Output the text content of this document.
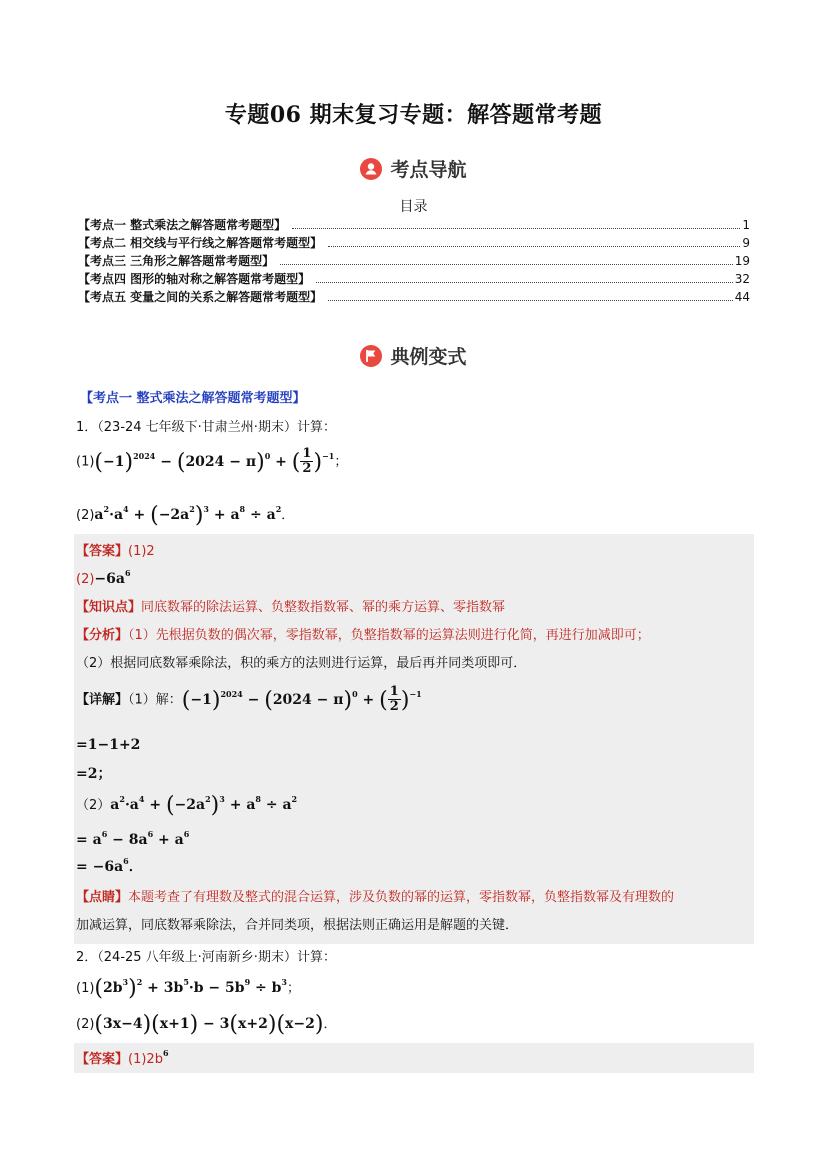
专题06 期末复习专题：解答题常考题
考点导航
目录
【考点一 整式乘法之解答题常考题型】	1
【考点二 相交线与平行线之解答题常考题型】	9
【考点三 三角形之解答题常考题型】	19
【考点四 图形的轴对称之解答题常考题型】	32
【考点五 变量之间的关系之解答题常考题型】	44
典例变式
【考点一 整式乘法之解答题常考题型】
1．（23-24 七年级下·甘肃兰州·期末）计算：
$(1)(-1)^{2024} - (2024 - \pi)^0$ + ( $\frac{1}{2} )^{-1}$；
$(2)a^2\cdot a^4 + (-2a^2)^3 + a^8 \div a^2$．
【答案】(1)2
$(2)-6a^6$
【知识点】同底数幂的除法运算、负整数指数幂、幂的乘方运算、零指数幂
【分析】（1）先根据负数的偶次幂，零指数幂，负整指数幂的运算法则进行化简，再进行加减即可；
（2）根据同底数幂乘除法，积的乘方的法则进行运算，最后再并同类项即可．
【详解】（1）解：$(-1)^{2024} - (2024 - \pi)^0$ + ( $\frac{1}{2} )^{-1}$
=1−1+2
=2；
$(2)a^2\cdot a^4 + (-2a^2)^3 + a^8 \div a^2$
= $a^6 - 8a^6 + a^6$
= $-6a^6$．
【点睛】本题考查了有理数及整式的混合运算，涉及负数的幂的运算，零指数幂，负整指数幂及有理数的
加减运算，同底数幂乘除法，合并同类项，根据法则正确运用是解题的关键．
2．（24-25 八年级上·河南新乡·期末）计算：
$(1)(2b^3)^2 + 3b^5\cdot b - 5b^9 \div b^3$；
(2)(3x−4)(x+1) − 3(x+2)(x−2)．
【答案】$(1)2b^6$
